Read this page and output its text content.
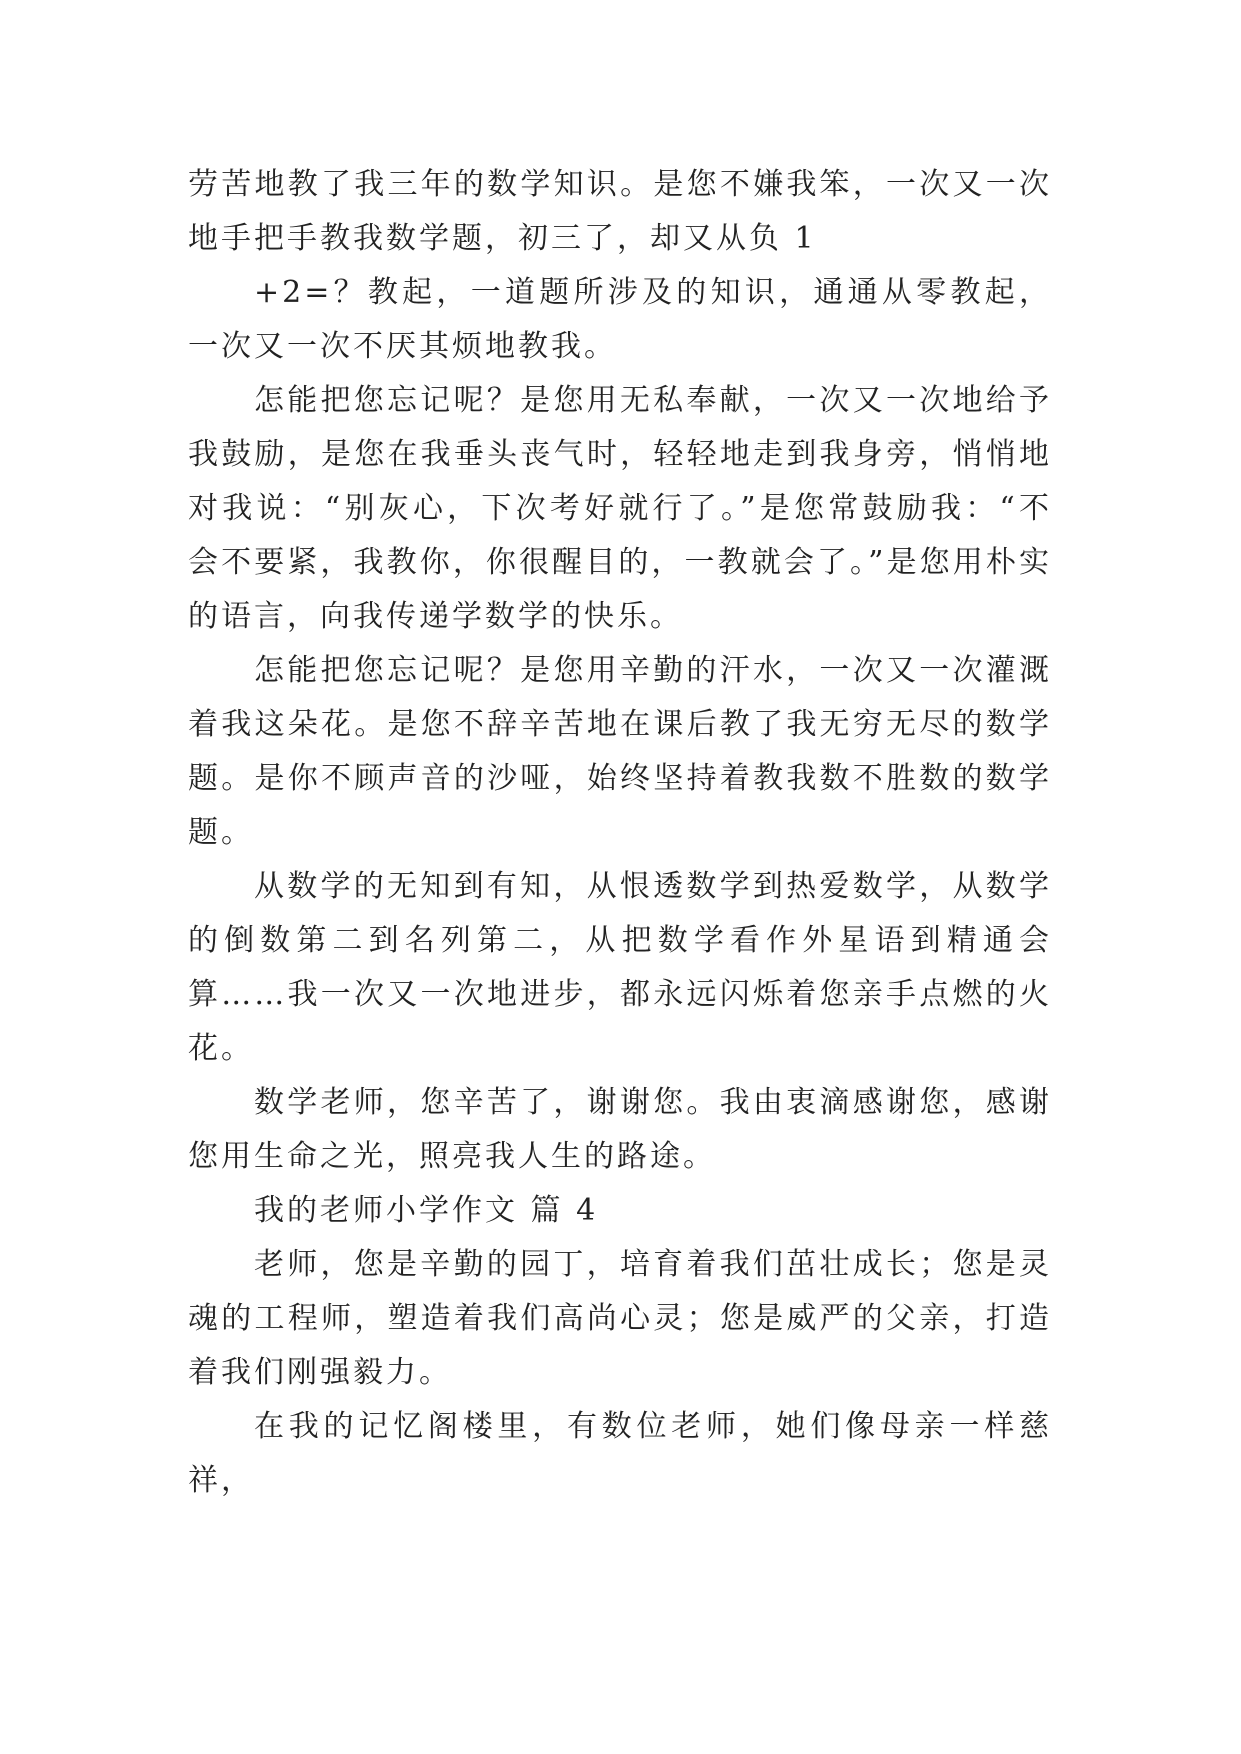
劳苦地教了我三年的数学知识。是您不嫌我笨，一次又一次地手把手教我数学题，初三了，却又从负 1

+2=？教起，一道题所涉及的知识，通通从零教起，一次又一次不厌其烦地教我。

怎能把您忘记呢？是您用无私奉献，一次又一次地给予我鼓励，是您在我垂头丧气时，轻轻地走到我身旁，悄悄地对我说：“别灰心，下次考好就行了。”是您常鼓励我：“不会不要紧，我教你，你很醒目的，一教就会了。”是您用朴实的语言，向我传递学数学的快乐。

怎能把您忘记呢？是您用辛勤的汗水，一次又一次灌溉着我这朵花。是您不辞辛苦地在课后教了我无穷无尽的数学题。是你不顾声音的沙哑，始终坚持着教我数不胜数的数学题。

从数学的无知到有知，从恨透数学到热爱数学，从数学的倒数第二到名列第二，从把数学看作外星语到精通会算……我一次又一次地进步，都永远闪烁着您亲手点燃的火花。

数学老师，您辛苦了，谢谢您。我由衷滴感谢您，感谢您用生命之光，照亮我人生的路途。

我的老师小学作文 篇 4

老师，您是辛勤的园丁，培育着我们茁壮成长；您是灵魂的工程师，塑造着我们高尚心灵；您是威严的父亲，打造着我们刚强毅力。

在我的记忆阁楼里，有数位老师，她们像母亲一样慈祥，
